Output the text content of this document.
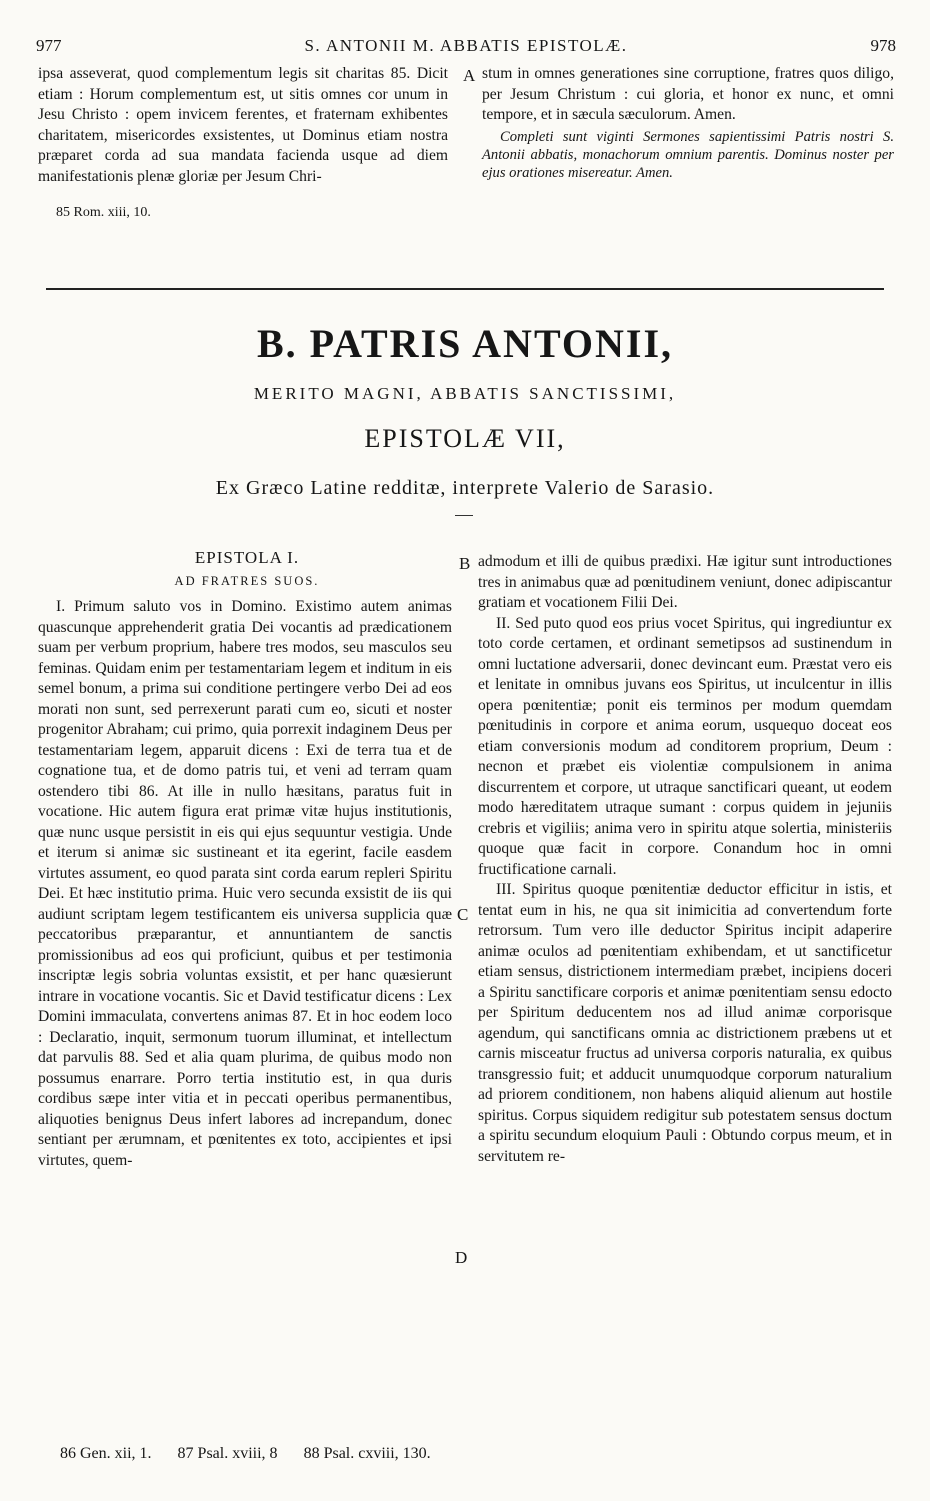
977	S. ANTONII M. ABBATIS EPISTOLÆ.	978

ipsa asseverat, quod complementum legis sit charitas 85. Dicit etiam : Horum complementum est, ut sitis omnes cor unum in Jesu Christo : opem invicem ferentes, et fraternam exhibentes charitatem, misericordes exsistentes, ut Dominus etiam nostra præparet corda ad sua mandata facienda usque ad diem manifestationis plenæ gloriæ per Jesum Chri-

85 Rom. xiii, 10.

A stum in omnes generationes sine corruptione, fratres quos diligo, per Jesum Christum : cui gloria, et honor ex nunc, et omni tempore, et in sæcula sæculorum. Amen.

Completi sunt viginti Sermones sapientissimi Patris nostri S. Antonii abbatis, monachorum omnium parentis. Dominus noster per ejus orationes misereatur. Amen.

B. PATRIS ANTONII,
MERITO MAGNI, ABBATIS SANCTISSIMI,
EPISTOLÆ VII,
Ex Græco Latine redditæ, interprete Valerio de Sarasio.
EPISTOLA I.
AD FRATRES SUOS.

I. Primum saluto vos in Domino. Existimo autem animas quascunque apprehenderit gratia Dei vocantis ad prædicationem suam per verbum proprium, habere tres modos, seu masculos seu feminas. Quidam enim per testamentariam legem et inditum in eis semel bonum, a prima sui conditione pertingere verbo Dei ad eos morati non sunt, sed perrexerunt parati cum eo, sicuti et noster progenitor Abraham; cui primo, quia porrexit indaginem Deus per testamentariam legem, apparuit dicens : Exi de terra tua et de cognatione tua, et de domo patris tui, et veni ad terram quam ostendero tibi 86. At ille in nullo hæsitans, paratus fuit in vocatione. Hic autem figura erat primæ vitæ hujus institutionis, quæ nunc usque persistit in eis qui ejus sequuntur vestigia. Unde et iterum si animæ sic sustineant et ita egerint, facile easdem virtutes assument, eo quod parata sint corda earum repleri Spiritu Dei. Et hæc institutio prima. Huic vero secunda exsistit de iis qui audiunt scriptam legem testificantem eis universa supplicia quæ peccatoribus præparantur, et annuntiantem de sanctis promissionibus ad eos qui proficiunt, quibus et per testimonia inscriptæ legis sobria voluntas exsistit, et per hanc quæsierunt intrare in vocatione vocantis. Sic et David testificatur dicens : Lex Domini immaculata, convertens animas 87. Et in hoc eodem loco : Declaratio, inquit, sermonum tuorum illuminat, et intellectum dat parvulis 88. Sed et alia quam plurima, de quibus modo non possumus enarrare. Porro tertia institutio est, in qua duris cordibus sæpe inter vitia et in peccati operibus permanentibus, aliquoties benignus Deus infert labores ad increpandum, donec sentiant per ærumnam, et pœnitentes ex toto, accipientes et ipsi virtutes, quem-

B
C
D

admodum et illi de quibus prædixi. Hæ igitur sunt introductiones tres in animabus quæ ad pœnitudinem veniunt, donec adipiscantur gratiam et vocationem Filii Dei.

II. Sed puto quod eos prius vocet Spiritus, qui ingrediuntur ex toto corde certamen, et ordinant semetipsos ad sustinendum in omni luctatione adversarii, donec devincant eum. Præstat vero eis et lenitate in omnibus juvans eos Spiritus, ut inculcentur in illis opera pœnitentiæ; ponit eis terminos per modum quemdam pœnitudinis in corpore et anima eorum, usquequo doceat eos etiam conversionis modum ad conditorem proprium, Deum : necnon et præbet eis violentiæ compulsionem in anima discurrentem et corpore, ut utraque sanctificari queant, ut eodem modo hæreditatem utraque sumant : corpus quidem in jejuniis crebris et vigiliis; anima vero in spiritu atque solertia, ministeriis quoque quæ facit in corpore. Conandum hoc in omni fructificatione carnali.

III. Spiritus quoque pœnitentiæ deductor efficitur in istis, et tentat eum in his, ne qua sit inimicitia ad convertendum forte retrorsum. Tum vero ille deductor Spiritus incipit adaperire animæ oculos ad pœnitentiam exhibendam, et ut sanctificetur etiam sensus, districtionem intermediam præbet, incipiens doceri a Spiritu sanctificare corporis et animæ pœnitentiam sensu edocto per Spiritum deducentem nos ad illud animæ corporisque agendum, qui sanctificans omnia ac districtionem præbens ut et carnis misceatur fructus ad universa corporis naturalia, ex quibus transgressio fuit; et adducit unumquodque corporum naturalium ad priorem conditionem, non habens aliquid alienum aut hostile spiritus. Corpus siquidem redigitur sub potestatem sensus doctum a spiritu secundum eloquium Pauli : Obtundo corpus meum, et in servitutem re-

86 Gen. xii, 1. 87 Psal. xviii, 8 88 Psal. cxviii, 130.
